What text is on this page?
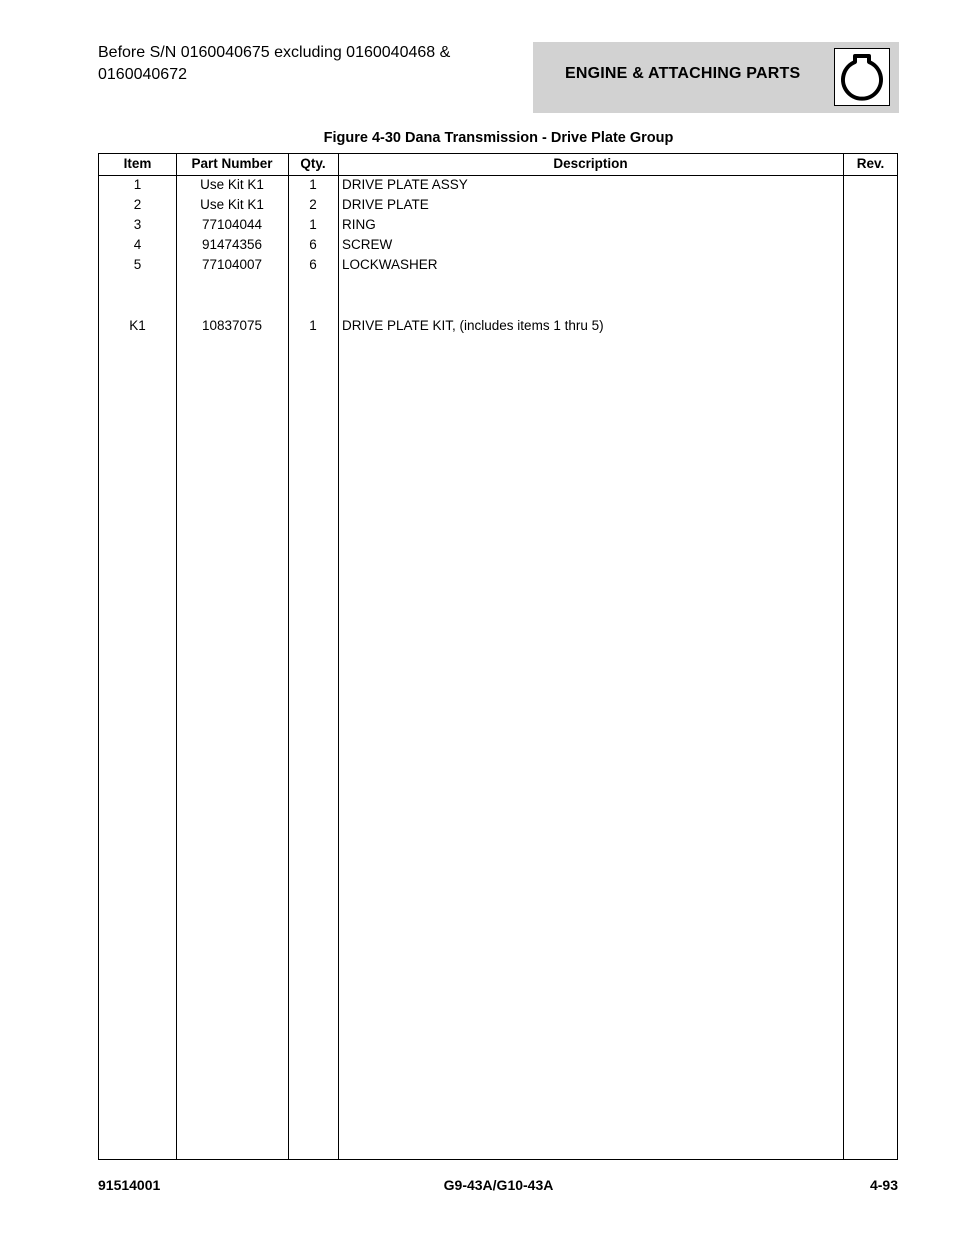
Before S/N 0160040675 excluding 0160040468 & 0160040672	ENGINE & ATTACHING PARTS
Figure 4-30 Dana Transmission - Drive Plate Group
Item	Part Number	Qty.	Description	Rev.
1	Use Kit K1	1	DRIVE PLATE ASSY
2	Use Kit K1	2	DRIVE PLATE
3	77104044	1	RING
4	91474356	6	SCREW
5	77104007	6	LOCKWASHER
K1	10837075	1	DRIVE PLATE KIT, (includes items 1 thru 5)
91514001	G9-43A/G10-43A	4-93
